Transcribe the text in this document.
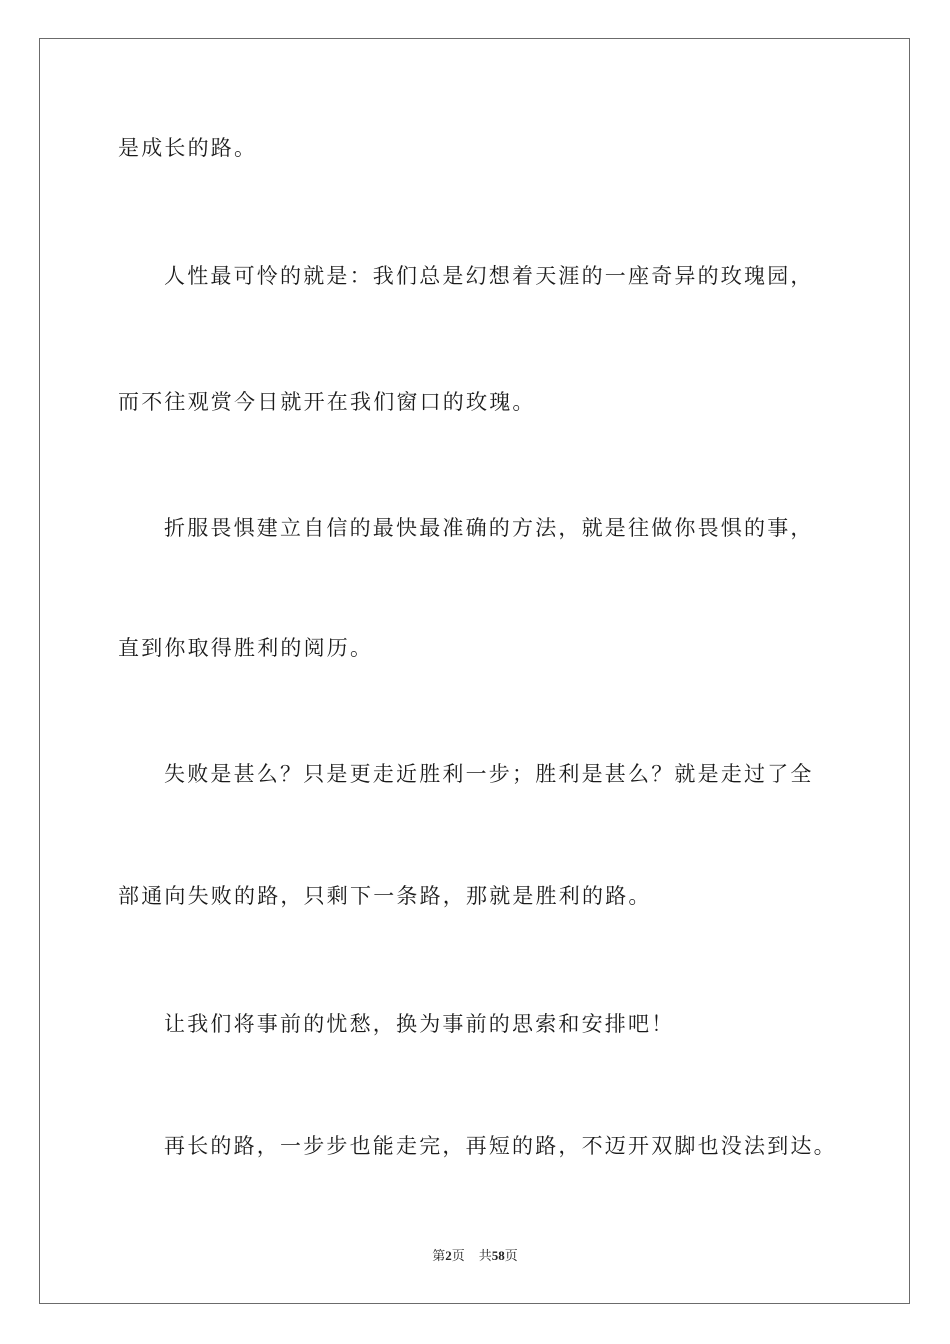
是成长的路。
人性最可怜的就是：我们总是幻想着天涯的一座奇异的玫瑰园，
而不往观赏今日就开在我们窗口的玫瑰。
折服畏惧建立自信的最快最准确的方法，就是往做你畏惧的事，
直到你取得胜利的阅历。
失败是甚么？只是更走近胜利一步；胜利是甚么？就是走过了全
部通向失败的路，只剩下一条路，那就是胜利的路。
让我们将事前的忧愁，换为事前的思索和安排吧！
再长的路，一步步也能走完，再短的路，不迈开双脚也没法到达。
第2页 共58页
